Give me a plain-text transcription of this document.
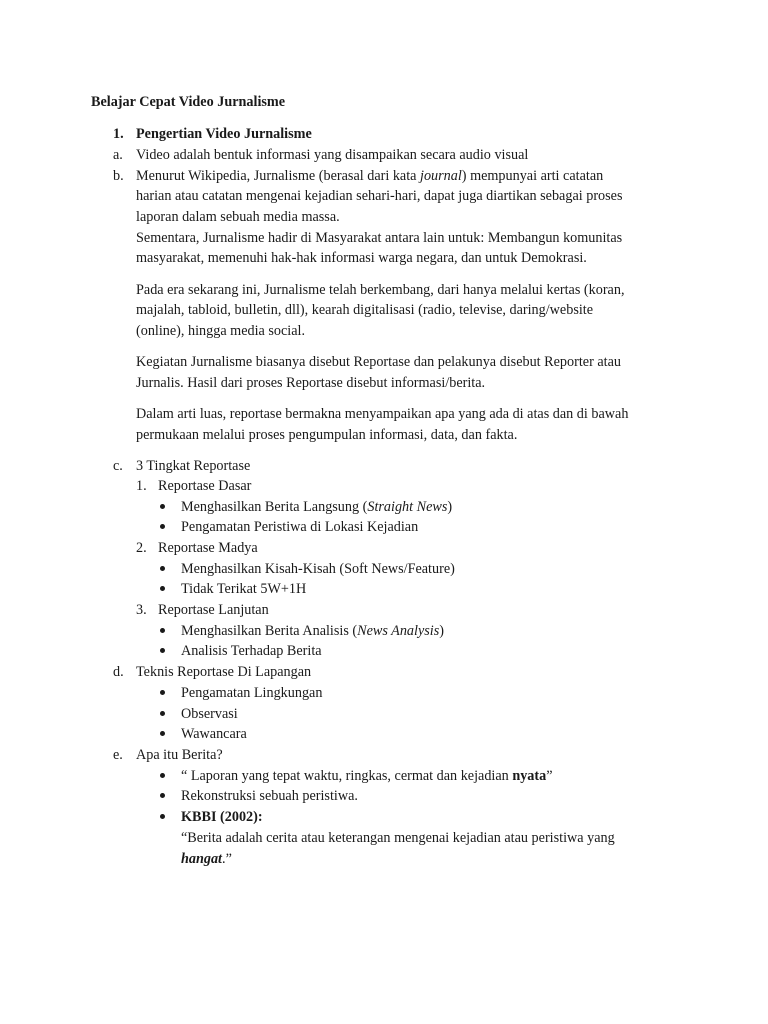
Belajar Cepat Video Jurnalisme
1. Pengertian Video Jurnalisme
a. Video adalah bentuk informasi yang disampaikan secara audio visual
b. Menurut Wikipedia, Jurnalisme (berasal dari kata journal) mempunyai arti catatan
harian atau catatan mengenai kejadian sehari-hari, dapat juga diartikan sebagai proses
laporan dalam sebuah media massa.
Sementara, Jurnalisme hadir di Masyarakat antara lain untuk: Membangun komunitas
masyarakat, memenuhi hak-hak informasi warga negara, dan untuk Demokrasi.
Pada era sekarang ini, Jurnalisme telah berkembang, dari hanya melalui kertas (koran,
majalah, tabloid, bulletin, dll), kearah digitalisasi (radio, televise, daring/website
(online), hingga media social.
Kegiatan Jurnalisme biasanya disebut Reportase dan pelakunya disebut Reporter atau
Jurnalis. Hasil dari proses Reportase disebut informasi/berita.
Dalam arti luas, reportase bermakna menyampaikan apa yang ada di atas dan di bawah
permukaan melalui proses pengumpulan informasi, data, dan fakta.
c. 3 Tingkat Reportase
1. Reportase Dasar
Menghasilkan Berita Langsung (Straight News)
Pengamatan Peristiwa di Lokasi Kejadian
2. Reportase Madya
Menghasilkan Kisah-Kisah (Soft News/Feature)
Tidak Terikat 5W+1H
3. Reportase Lanjutan
Menghasilkan Berita Analisis (News Analysis)
Analisis Terhadap Berita
d. Teknis Reportase Di Lapangan
Pengamatan Lingkungan
Observasi
Wawancara
e. Apa itu Berita?
“ Laporan yang tepat waktu, ringkas, cermat dan kejadian nyata”
Rekonstruksi sebuah peristiwa.
KBBI (2002):
“Berita adalah cerita atau keterangan mengenai kejadian atau peristiwa yang
hangat.”
